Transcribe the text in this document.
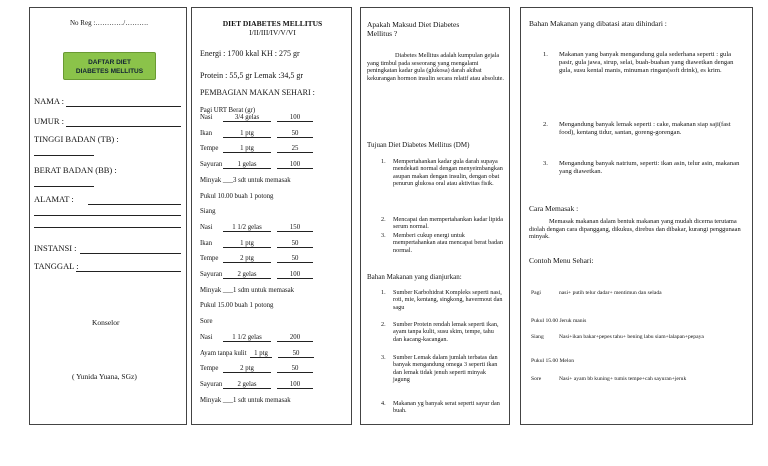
No Reg :…………/……….
DAFTAR DIET
DIABETES MELLITUS
NAMA :
UMUR :
TINGGI BADAN (TB) :
BERAT BADAN (BB) :
ALAMAT :
INSTANSI :
TANGGAL :
Konselor
( Yunida Yuana, SGz)
DIET DIABETES MELLITUS
I/II/III/IV/V/VI
Energi : 1700 kkal KH : 275 gr
Protein : 55,5 gr Lemak :34,5 gr
PEMBAGIAN MAKAN SEHARI :
Pagi URT Berat (gr)
Nasi	3/4 gelas	100
Ikan	1 ptg	50
Tempe	1 ptg	25
Sayuran 1 gelas	100
Minyak ___3 sdt untuk memasak
Pukul 10.00 buah 1 potong
Siang
Nasi	1 1/2 gelas	150
Ikan	1 ptg	50
Tempe	2 ptg	50
Sayuran 2 gelas	100
Minyak ___1 sdm untuk memasak
Pukul 15.00 buah 1 potong
Sore
Nasi	1 1/2 gelas	200
Ayam tanpa kulit 1 ptg	50
Tempe	2 ptg	50
Sayuran 2 gelas	100
Minyak ___1 sdt untuk memasak
Apakah Maksud Diet Diabetes Mellitus ?
Diabetes Mellitus adalah kumpulan gejala yang timbul pada seseorang yang mengalami peningkatan kadar gula (glukosa) darah akibat kekurangan hormon insulin secara relatif atau absolute.
Tujuan Diet Diabetes Mellitus (DM)
1. Mempertahankan kadar gula darah supaya mendekati normal dengan menyeimbangkan asupan makan dengan insulin, dengan obat penurun glukosa oral atau aktivitas fisik.
2. Mencapai dan mempertahankan kadar lipida serum normal.
3. Memberi cukup energi untuk mempertahankan atau mencapai berat badan normal.
Bahan Makanan yang dianjurkan:
1. Sumber Karbohidrat Kompleks seperti nasi, roti, mie, kentang, singkong, havermout dan sagu
2. Sumber Protein rendah lemak seperti ikan, ayam tanpa kulit, susu skim, tempe, tahu dan kacang-kacangan.
3. Sumber Lemak dalam jumlah terbatas dan banyak mengandung omega 3 seperti ikan dan lemak tidak jenuh seperti minyak jagung
4. Makanan yg banyak serat seperti sayur dan buah.
Bahan Makanan yang dibatasi atau dihindari :
1. Makanan yang banyak mengandung gula sederhana seperti : gula pasir, gula jawa, sirup, selai, buah-buahan yang diawetkan dengan gula, susu kental manis, minuman ringan(soft drink), es krim.
2. Mengandung banyak lemak seperti : cake, makanan siap saji(fast food), kentang tidur, santan, goreng-gorengan.
3. Mengandung banyak natrium, seperti: ikan asin, telur asin, makanan yang diawetkan.
Cara Memasak :
Memasak makanan dalam bentuk makanan yang mudah dicerna terutama diolah dengan cara dipanggang, dikukus, direbus dan dibakar, kurangi penggunaan minyak.
Contoh Menu Sehari:
Pagi	nasi+ putih telur dadar+ mentimun dan selada
Pukul 10.00 Jeruk manis
Siang	Nasi+ikan bakar+pepes tahu+ bening labu siam+lalapan+pepaya
Pukul 15.00 Melon
Sore	Nasi+ ayam bb kuning+ tumis tempe+cah sayuran+jeruk
